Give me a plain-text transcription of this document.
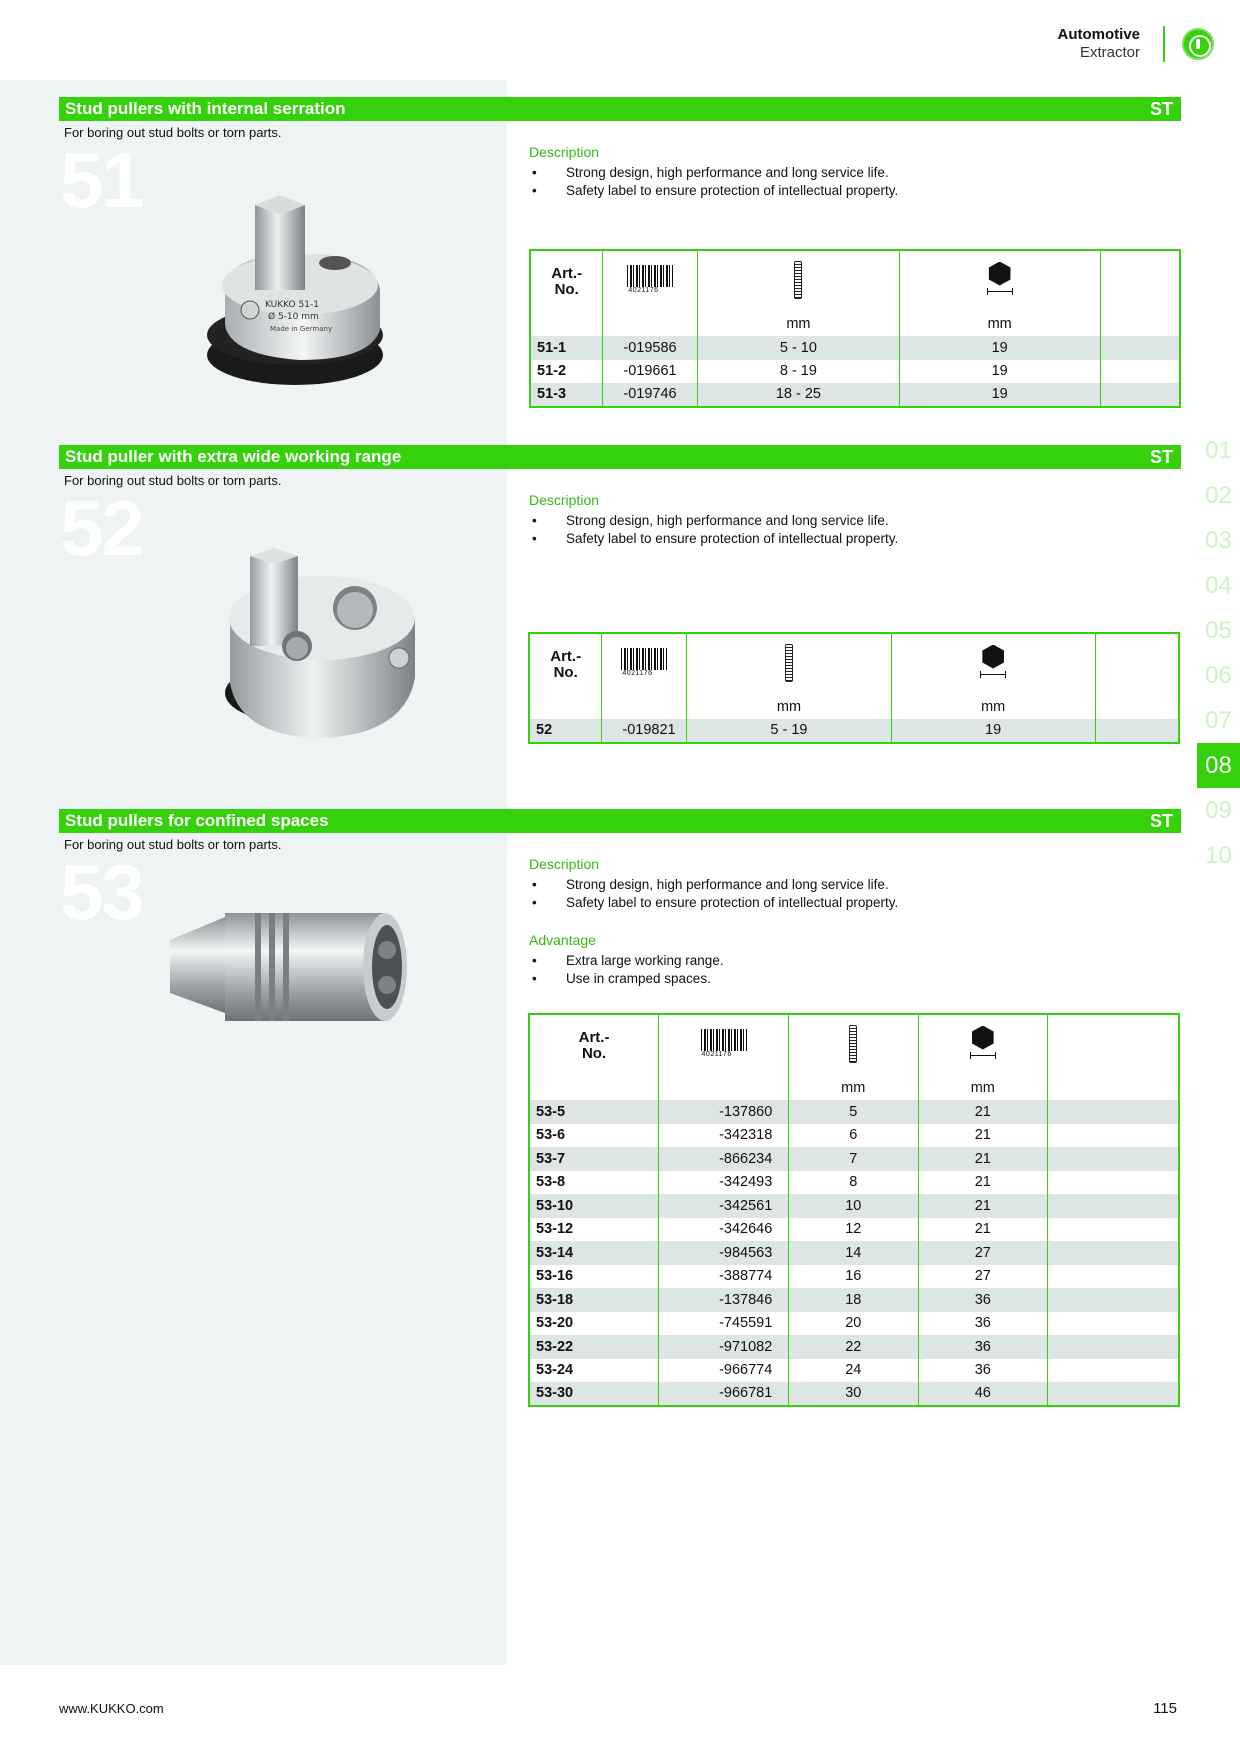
Automotive
Extractor
Stud pullers with internal serration	ST
For boring out stud bolts or torn parts.
51
KUKKO 51-1
Ø 5-10 mm
Made in Germany
Description
• Strong design, high performance and long service life.
• Safety label to ensure protection of intellectual property.
Art.-
No.	4021176			

		mm	mm	
51-1	-019586	5 - 10	19	
51-2	-019661	8 - 19	19	
51-3	-019746	18 - 25	19	
Stud puller with extra wide working range	ST
For boring out stud bolts or torn parts.
52	Description
• Strong design, high performance and long service life.
• Safety label to ensure protection of intellectual property.
Art.-
No.	4021176			

		mm	mm	
52	-019821	5 - 19	19	
Stud pullers for confined spaces	ST
For boring out stud bolts or torn parts.
53	Description
• Strong design, high performance and long service life.
• Safety label to ensure protection of intellectual property.
Advantage
• Extra large working range.
• Use in cramped spaces.
Art.-
No.	4021176			

		mm	mm	
53-5	-137860	5	21	
53-6	-342318	6	21	
53-7	-866234	7	21	
53-8	-342493	8	21	
53-10	-342561	10	21	
53-12	-342646	12	21	
53-14	-984563	14	27	
53-16	-388774	16	27	
53-18	-137846	18	36	
53-20	-745591	20	36	
53-22	-971082	22	36	
53-24	-966774	24	36	
53-30	-966781	30	46	
01
02
03
04
05
06
07
08
09
10
www.KUKKO.com	115
